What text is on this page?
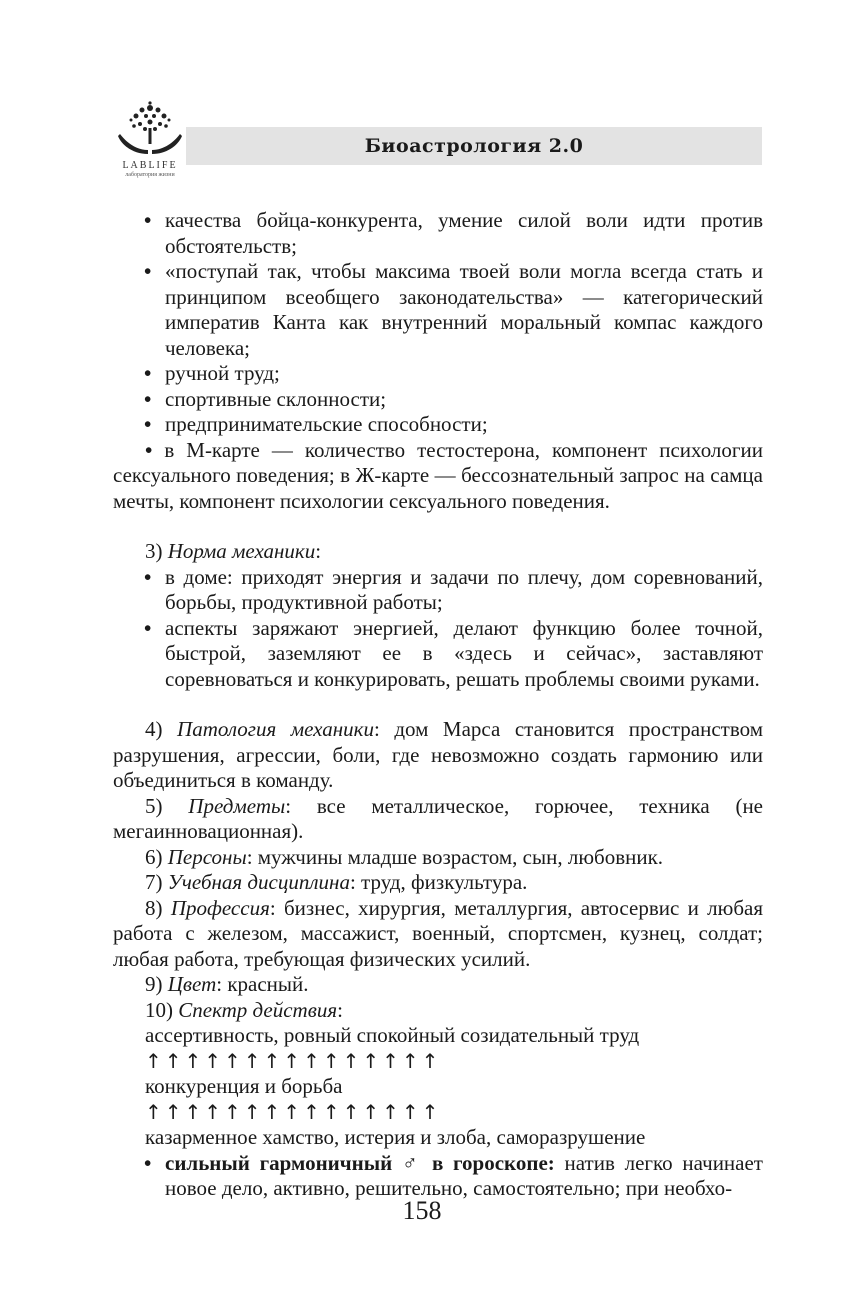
LABLIFE
лаборатория жизни
Биоастрология 2.0

• качества бойца-конкурента, умение силой воли идти против обстоятельств;

• «поступай так, чтобы максима твоей воли могла всегда стать и принципом всеобщего законодательства» — категорический императив Канта как внутренний моральный компас каждого человека;

• ручной труд;

• спортивные склонности;

• предпринимательские способности;

• в М-карте — количество тестостерона, компонент психологии сексуального поведения; в Ж-карте — бессознательный запрос на самца мечты, компонент психологии сексуального поведения.

3) Норма механики:

• в доме: приходят энергия и задачи по плечу, дом соревнований, борьбы, продуктивной работы;

• аспекты заряжают энергией, делают функцию более точной, быстрой, заземляют ее в «здесь и сейчас», заставляют соревноваться и конкурировать, решать проблемы своими руками.

4) Патология механики: дом Марса становится пространством разрушения, агрессии, боли, где невозможно создать гармонию или объединиться в команду.

5) Предметы: все металлическое, горючее, техника (не мегаинновационная).

6) Персоны: мужчины младше возрастом, сын, любовник.

7) Учебная дисциплина: труд, физкультура.

8) Профессия: бизнес, хирургия, металлургия, автосервис и любая работа с железом, массажист, военный, спортсмен, кузнец, солдат; любая работа, требующая физических усилий.

9) Цвет: красный.

10) Спектр действия:

ассертивность, ровный спокойный созидательный труд

↑↑↑↑↑↑↑↑↑↑↑↑↑↑↑

конкуренция и борьба

↑↑↑↑↑↑↑↑↑↑↑↑↑↑↑

казарменное хамство, истерия и злоба, саморазрушение

• сильный гармоничный ♂ в гороскопе: натив легко начинает новое дело, активно, решительно, самостоятельно; при необхо-

158
